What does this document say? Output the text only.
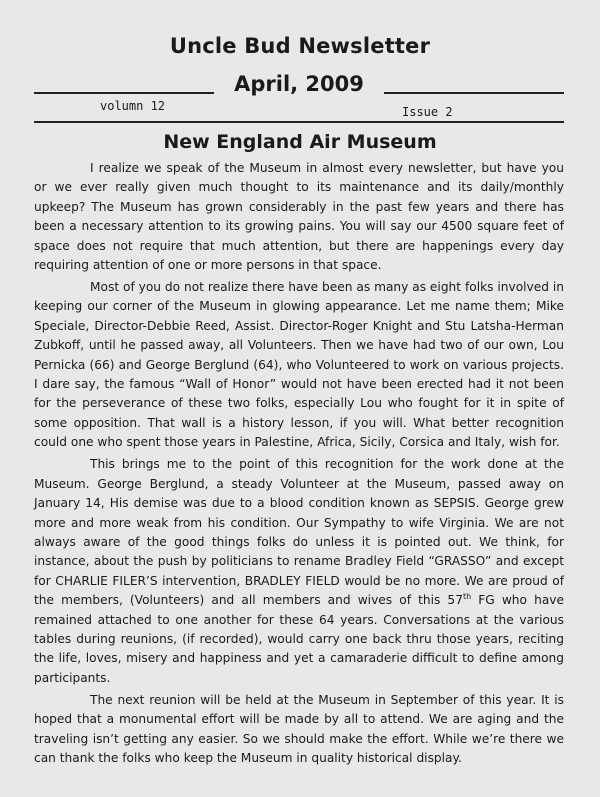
Uncle Bud Newsletter
April, 2009
volumn 12	Issue 2
New England Air Museum

I realize we speak of the Museum in almost every newsletter, but have you or we ever really given much thought to its maintenance and its daily/monthly upkeep? The Museum has grown considerably in the past few years and there has been a necessary attention to its growing pains. You will say our 4500 square feet of space does not require that much attention, but there are happenings every day requiring attention of one or more persons in that space.

Most of you do not realize there have been as many as eight folks involved in keeping our corner of the Museum in glowing appearance. Let me name them; Mike Speciale, Director-Debbie Reed, Assist. Director-Roger Knight and Stu Latsha-Herman Zubkoff, until he passed away, all Volunteers. Then we have had two of our own, Lou Pernicka (66) and George Berglund (64), who Volunteered to work on various projects. I dare say, the famous “Wall of Honor” would not have been erected had it not been for the perseverance of these two folks, especially Lou who fought for it in spite of some opposition. That wall is a history lesson, if you will. What better recognition could one who spent those years in Palestine, Africa, Sicily, Corsica and Italy, wish for.

This brings me to the point of this recognition for the work done at the Museum. George Berglund, a steady Volunteer at the Museum, passed away on January 14, His demise was due to a blood condition known as SEPSIS. George grew more and more weak from his condition. Our Sympathy to wife Virginia. We are not always aware of the good things folks do unless it is pointed out. We think, for instance, about the push by politicians to rename Bradley Field “GRASSO” and except for CHARLIE FILER’S intervention, BRADLEY FIELD would be no more. We are proud of the members, (Volunteers) and all members and wives of this 57th FG who have remained attached to one another for these 64 years. Conversations at the various tables during reunions, (if recorded), would carry one back thru those years, reciting the life, loves, misery and happiness and yet a camaraderie difficult to define among participants.

The next reunion will be held at the Museum in September of this year. It is hoped that a monumental effort will be made by all to attend. We are aging and the traveling isn’t getting any easier. So we should make the effort. While we’re there we can thank the folks who keep the Museum in quality historical display.
